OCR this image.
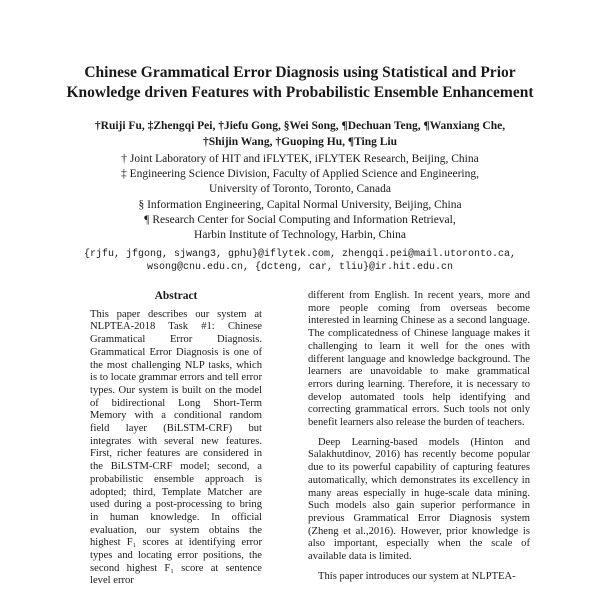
Chinese Grammatical Error Diagnosis using Statistical and Prior
Knowledge driven Features with Probabilistic Ensemble Enhancement
†Ruiji Fu, ‡Zhengqi Pei, †Jiefu Gong, §Wei Song, ¶Dechuan Teng, ¶Wanxiang Che,
†Shijin Wang, †Guoping Hu, ¶Ting Liu
† Joint Laboratory of HIT and iFLYTEK, iFLYTEK Research, Beijing, China
‡ Engineering Science Division, Faculty of Applied Science and Engineering,
University of Toronto, Toronto, Canada
§ Information Engineering, Capital Normal University, Beijing, China
¶ Research Center for Social Computing and Information Retrieval,
Harbin Institute of Technology, Harbin, China
{rjfu, jfgong, sjwang3, gphu}@iflytek.com, zhengqi.pei@mail.utoronto.ca,
wsong@cnu.edu.cn, {dcteng, car, tliu}@ir.hit.edu.cn
Abstract

This paper describes our system at NLPTEA-2018 Task #1: Chinese Grammatical Error Diagnosis. Grammatical Error Diagnosis is one of the most challenging NLP tasks, which is to locate grammar errors and tell error types. Our system is built on the model of bidirectional Long Short-Term Memory with a conditional random field layer (BiLSTM-CRF) but integrates with several new features. First, richer features are considered in the BiLSTM-CRF model; second, a probabilistic ensemble approach is adopted; third, Template Matcher are used during a post-processing to bring in human knowledge. In official evaluation, our system obtains the highest F₁ scores at identifying error types and locating error positions, the second highest F₁ score at sentence level error

different from English. In recent years, more and more people coming from overseas become interested in learning Chinese as a second language. The complicatedness of Chinese language makes it challenging to learn it well for the ones with different language and knowledge background. The learners are unavoidable to make grammatical errors during learning. Therefore, it is necessary to develop automated tools help identifying and correcting grammatical errors. Such tools not only benefit learners also release the burden of teachers.

Deep Learning-based models (Hinton and Salakhutdinov, 2016) has recently become popular due to its powerful capability of capturing features automatically, which demonstrates its excellency in many areas especially in huge-scale data mining. Such models also gain superior performance in previous Grammatical Error Diagnosis system (Zheng et al.,2016). However, prior knowledge is also important, especially when the scale of available data is limited.

This paper introduces our system at NLPTEA-
